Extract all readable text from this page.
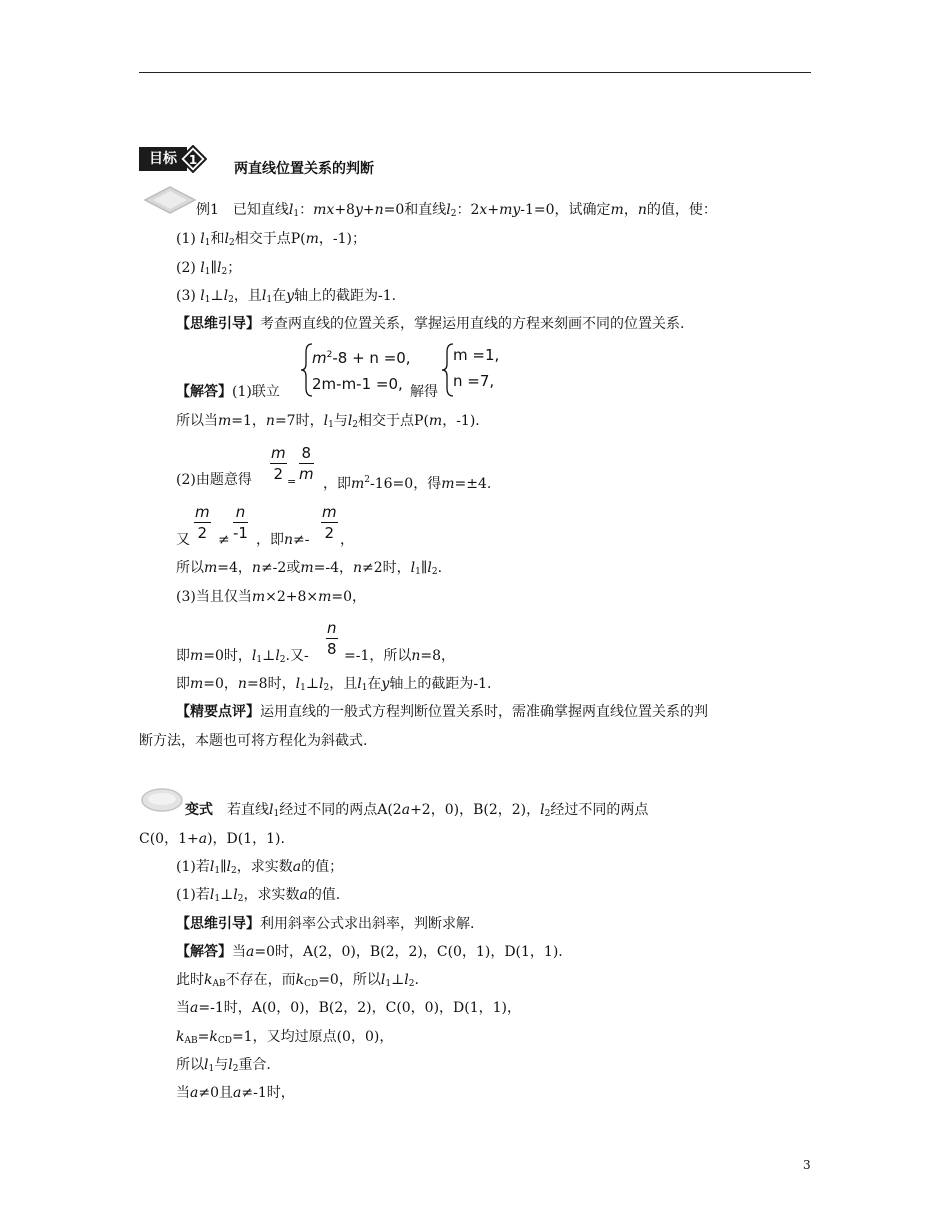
目标 1
两直线位置关系的判断
例1　已知直线$l_1$：mx+8y+n=0和直线$l_2$：2x+my-1=0，试确定m，n的值，使：
(1) $l_1$和$l_2$相交于点P(m，-1)；
(2) $l_1\parallel l_2$；
(3) $l_1\perp l_2$，且$l_1$在y轴上的截距为-1.
【思维引导】考查两直线的位置关系，掌握运用直线的方程来刻画不同的位置关系.
$m^2-8 + n =0$,
2m-m-1 =0,
【解答】(1)联立	解得
m =1,
n =7,
所以当m=1，n=7时，$l_1$与$l_2$相交于点P(m，-1).
$\frac{m}{2} \frac{8}{m}$
(2)由题意得	= ，即$m^2-16=0$，得m=±4.
$\frac{m}{2} \ne \frac{n}{-1}$	$\frac{m}{2}$
又	，即n≠- ，
所以m=4，n≠-2或m=-4，n≠2时，$l_1\parallel l_2$.
(3)当且仅当m×2+8×m=0，
$\frac{n}{8}$
即m=0时，$l_1\perp l_2$.又-	=-1，所以n=8，
即m=0，n=8时，$l_1\perp l_2$，且$l_1$在y轴上的截距为-1.
【精要点评】运用直线的一般式方程判断位置关系时，需准确掌握两直线位置关系的判
断方法，本题也可将方程化为斜截式.
变式　若直线$l_1$经过不同的两点A(2a+2，0)，B(2，2)，$l_2$经过不同的两点
C(0，1+a)，D(1，1).
(1)若$l_1\parallel l_2$，求实数a的值；
(1)若$l_1\perp l_2$，求实数a的值.
【思维引导】利用斜率公式求出斜率，判断求解.
【解答】当a=0时，A(2，0)，B(2，2)，C(0，1)，D(1，1).
此时$k_{AB}$不存在，而$k_{CD}=0$，所以$l_1\perp l_2$.
当a=-1时，A(0，0)，B(2，2)，C(0，0)，D(1，1)，
$k_{AB}=k_{CD}=1$，又均过原点(0，0)，
所以$l_1$与$l_2$重合.
当a≠0且a≠-1时，
3
